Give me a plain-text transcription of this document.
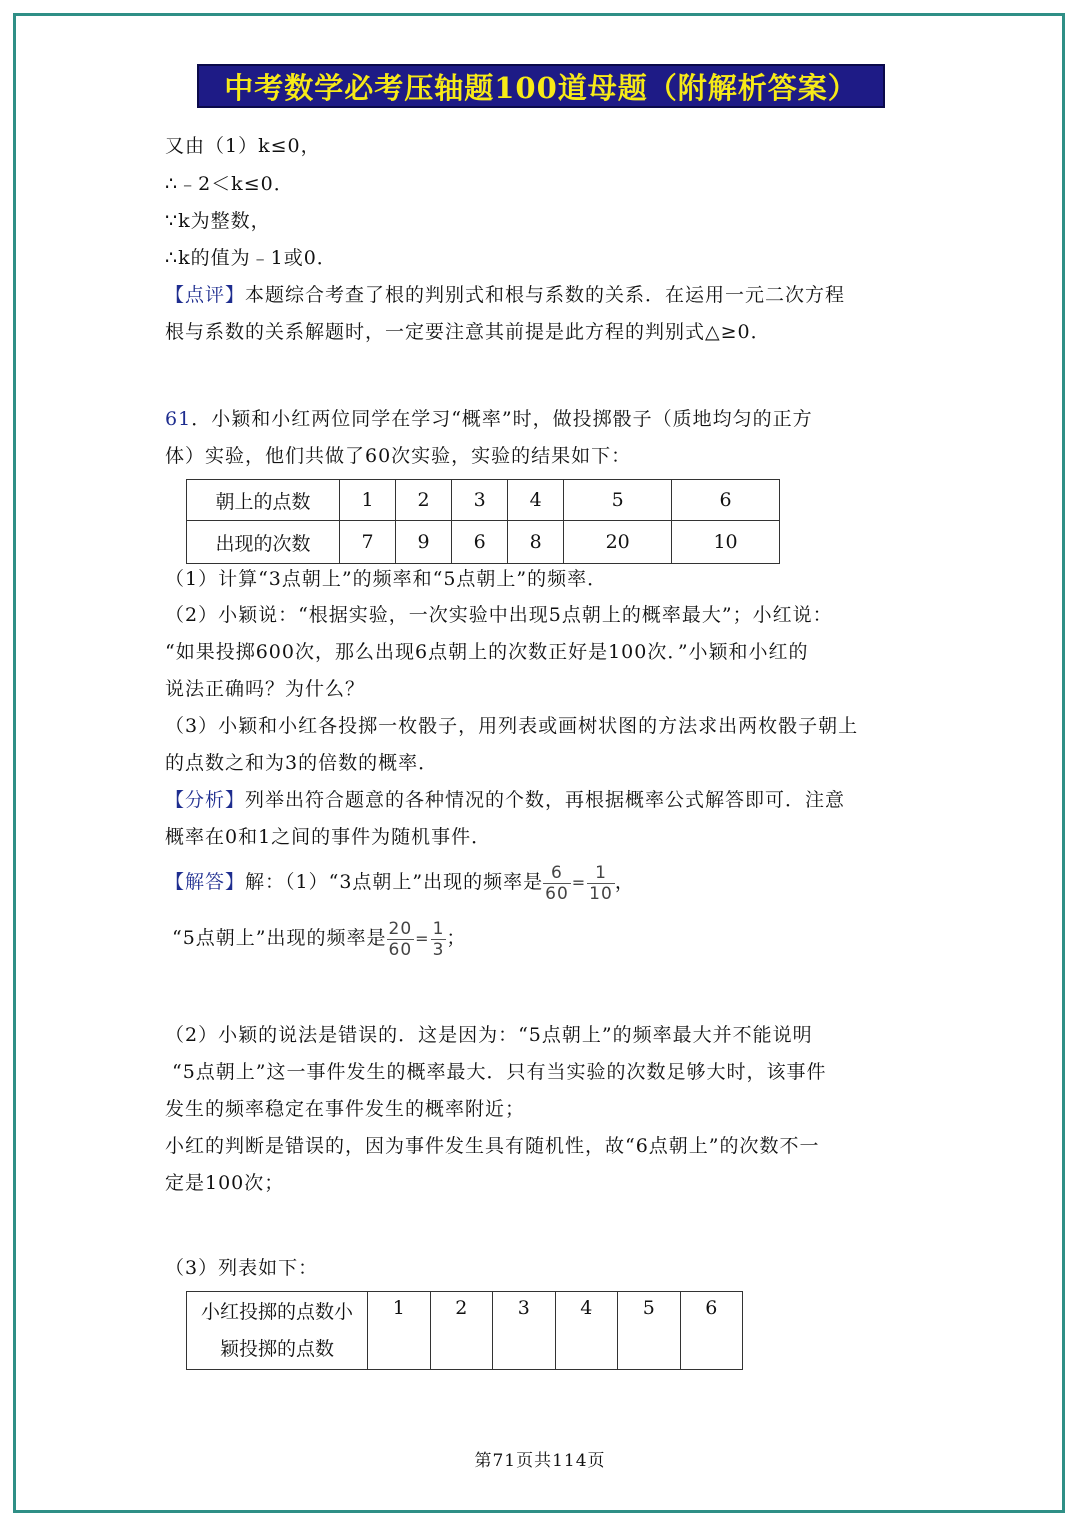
中考数学必考压轴题100道母题（附解析答案）
又由（1）k≤0，
∴﹣2＜k≤0．
∵k为整数，
∴k的值为﹣1或0．
【点评】本题综合考查了根的判别式和根与系数的关系．在运用一元二次方程
根与系数的关系解题时，一定要注意其前提是此方程的判别式△≥0．
61．小颖和小红两位同学在学习“概率”时，做投掷骰子（质地均匀的正方
体）实验，他们共做了60次实验，实验的结果如下：
朝上的点数	1	2	3	4	5	6
出现的次数	7	9	6	8	20	10
（1）计算“3点朝上”的频率和“5点朝上”的频率．
（2）小颖说：“根据实验，一次实验中出现5点朝上的概率最大”；小红说：
“如果投掷600次，那么出现6点朝上的次数正好是100次．”小颖和小红的
说法正确吗？为什么？
（3）小颖和小红各投掷一枚骰子，用列表或画树状图的方法求出两枚骰子朝上
的点数之和为3的倍数的概率．
【分析】列举出符合题意的各种情况的个数，再根据概率公式解答即可．注意
概率在0和1之间的事件为随机事件．
【解答】解：（1）“3点朝上”出现的频率是 $\frac{6}{60} = \frac{1}{10}$ ，
“5点朝上”出现的频率是 $\frac{20}{60} = \frac{1}{3}$ ；
（2）小颖的说法是错误的．这是因为：“5点朝上”的频率最大并不能说明
“5点朝上”这一事件发生的概率最大．只有当实验的次数足够大时，该事件
发生的频率稳定在事件发生的概率附近；
小红的判断是错误的，因为事件发生具有随机性，故“6点朝上”的次数不一
定是100次；
（3）列表如下：
小红投掷的点数小
颖投掷的点数
	1	2	3	4	5	6
第71页共114页
